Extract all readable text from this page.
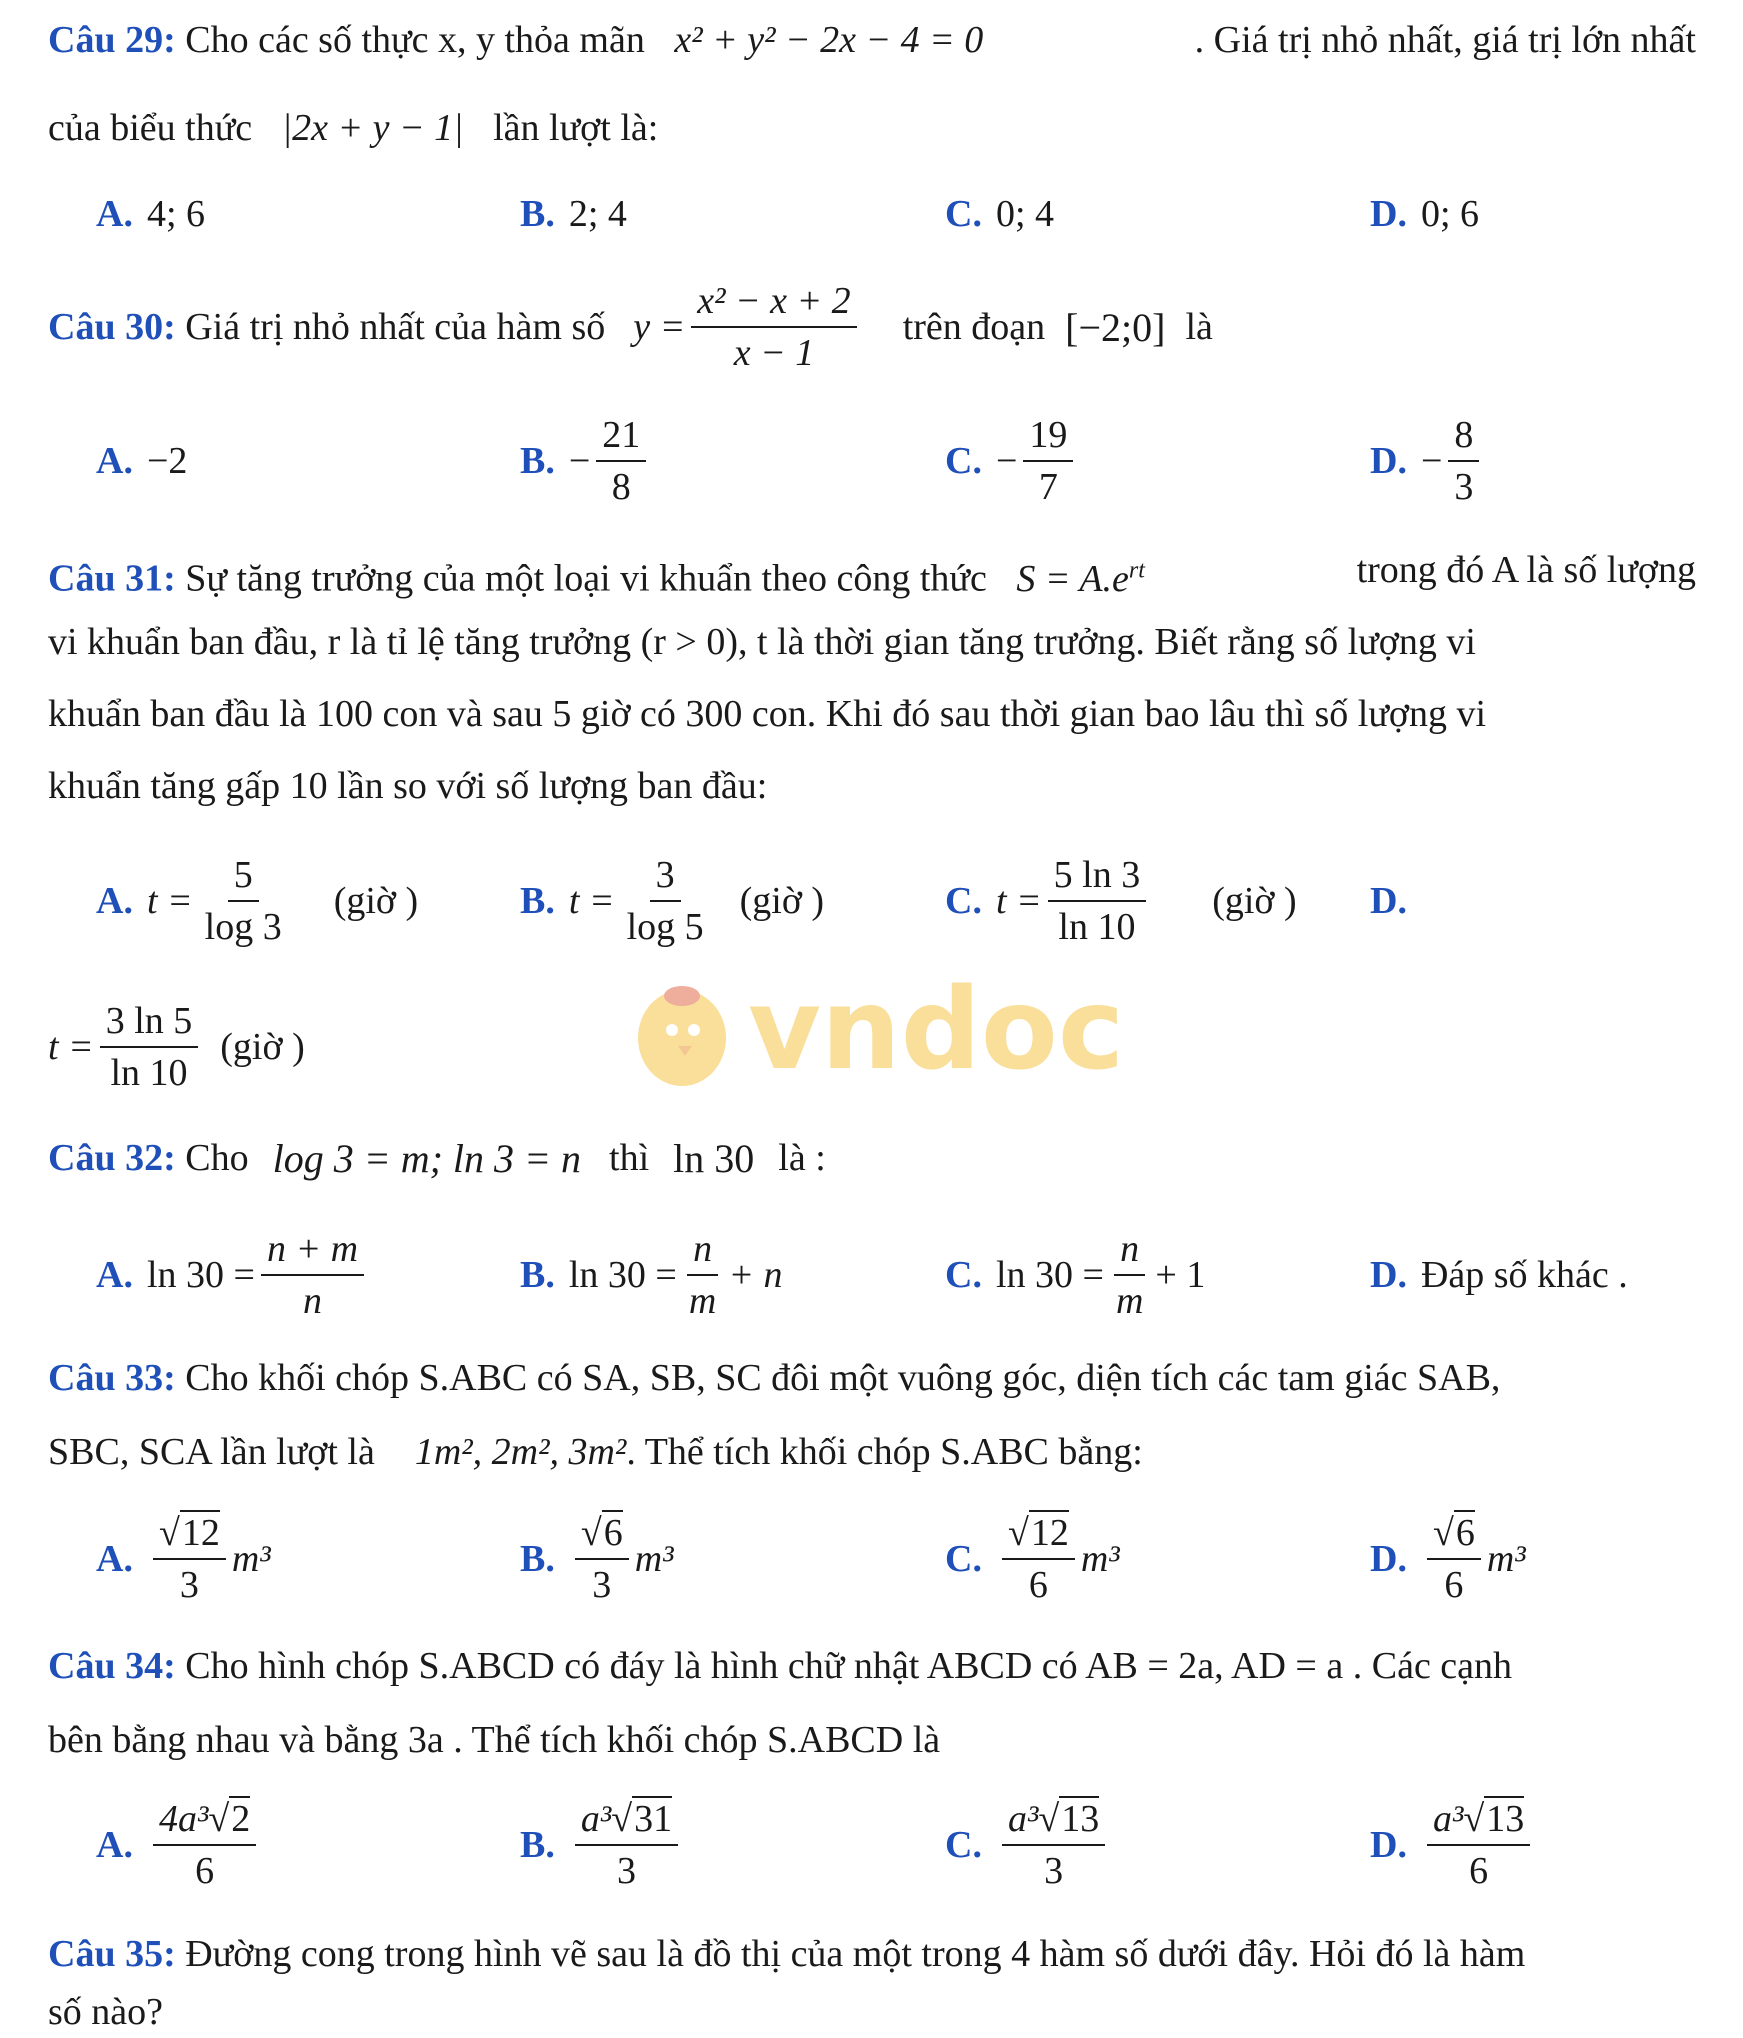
Câu 29: Cho các số thực x, y thỏa mãn x² + y² − 2x − 4 = 0	. Giá trị nhỏ nhất, giá trị lớn nhất
của biểu thức |2x + y − 1| lần lượt là:
A. 4; 6	B. 2; 4	C. 0; 4	D. 0; 6
Câu 30:
Giá trị nhỏ nhất của hàm số $y = \frac{\text{x² − x + 2}}{x - 1}$ trên đoạn [−2;0] là
A. −2	B. − $\frac{21}{8}$	C. − $\frac{19}{7}$	D. − $\frac{8}{3}$
Câu 31: Sự tăng trưởng của một loại vi khuẩn theo công thức $S = A.e^{rt}$	trong đó A là số lượng
vi khuẩn ban đầu, r là tỉ lệ tăng trưởng (r > 0), t là thời gian tăng trưởng. Biết rằng số lượng vi
khuẩn ban đầu là 100 con và sau 5 giờ có 300 con. Khi đó sau thời gian bao lâu thì số lượng vi
khuẩn tăng gấp 10 lần so với số lượng ban đầu:
A. $t = \frac{5}{\log 3}$ (giờ )	B. $t = \frac{3}{\log 5}$ (giờ )	C. $t = \frac{5 \ln 3}{\ln 10}$ (giờ ) D.
$t = \frac{3 \ln 5}{\ln 10}$ (giờ )	vndoc
Câu 32:
Cho log 3 = m; ln 3 = n thì ln 30 là :
A. $\ln 30 = \frac{n + m}{n}$	B. $\ln 30 = \frac{n}{m} + n$	C. $\ln 30 = \frac{n}{m} + 1$	D. Đáp số khác .
Câu 33: Cho khối chóp S.ABC có SA, SB, SC đôi một vuông góc, diện tích các tam giác SAB,
SBC, SCA lần lượt là 1m², 2m², 3m². Thể tích khối chóp S.ABC bằng:
A. $\frac{√12}{3} m^3$	B. $\frac{√6}{3} m^3$	C. $\frac{√12}{6} m^3$	D. $\frac{√6}{6} m^3$
Câu 34: Cho hình chóp S.ABCD có đáy là hình chữ nhật ABCD có AB = 2a, AD = a . Các cạnh
bên bằng nhau và bằng 3a . Thể tích khối chóp S.ABCD là
A. $\frac{\text{4a³√2}}{6}$	B. $\frac{\text{a³√31}}{3}$	C. $\frac{\text{a³√13}}{3}$	D. $\frac{\text{a³√13}}{6}$
Câu 35: Đường cong trong hình vẽ sau là đồ thị của một trong 4 hàm số dưới đây. Hỏi đó là hàm
số nào?
